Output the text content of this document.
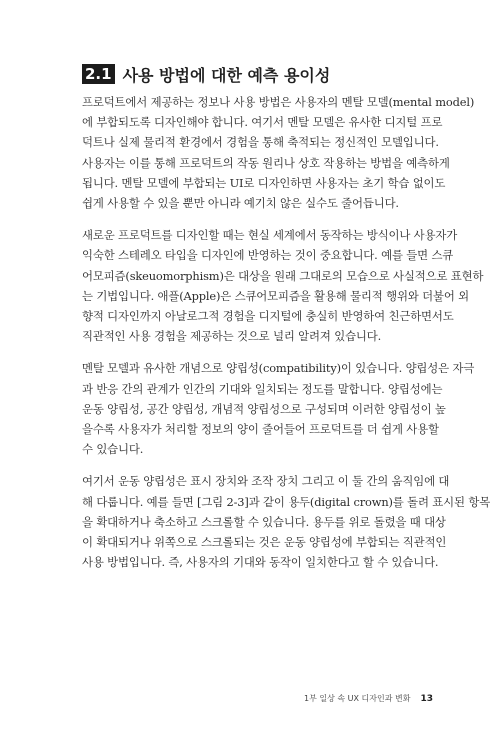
2.1 사용 방법에 대한 예측 용이성
프로덕트에서 제공하는 정보나 사용 방법은 사용자의 멘탈 모델(mental model)
에 부합되도록 디자인해야 합니다. 여기서 멘탈 모델은 유사한 디지털 프로
덕트나 실제 물리적 환경에서 경험을 통해 축적되는 정신적인 모델입니다.
사용자는 이를 통해 프로덕트의 작동 원리나 상호 작용하는 방법을 예측하게
됩니다. 멘탈 모델에 부합되는 UI로 디자인하면 사용자는 초기 학습 없이도
쉽게 사용할 수 있을 뿐만 아니라 예기치 않은 실수도 줄어듭니다.
새로운 프로덕트를 디자인할 때는 현실 세계에서 동작하는 방식이나 사용자가
익숙한 스테레오 타입을 디자인에 반영하는 것이 중요합니다. 예를 들면 스큐
어모피즘(skeuomorphism)은 대상을 원래 그대로의 모습으로 사실적으로 표현하
는 기법입니다. 애플(Apple)은 스큐어모피즘을 활용해 물리적 행위와 더불어 외
향적 디자인까지 아날로그적 경험을 디지털에 충실히 반영하여 친근하면서도
직관적인 사용 경험을 제공하는 것으로 널리 알려져 있습니다.
멘탈 모델과 유사한 개념으로 양립성(compatibility)이 있습니다. 양립성은 자극
과 반응 간의 관계가 인간의 기대와 일치되는 정도를 말합니다. 양립성에는
운동 양립성, 공간 양립성, 개념적 양립성으로 구성되며 이러한 양립성이 높
을수록 사용자가 처리할 정보의 양이 줄어들어 프로덕트를 더 쉽게 사용할
수 있습니다.
여기서 운동 양립성은 표시 장치와 조작 장치 그리고 이 둘 간의 움직임에 대
해 다룹니다. 예를 들면 [그림 2-3]과 같이 용두(digital crown)를 돌려 표시된 항목
을 확대하거나 축소하고 스크롤할 수 있습니다. 용두를 위로 돌렸을 때 대상
이 확대되거나 위쪽으로 스크롤되는 것은 운동 양립성에 부합되는 직관적인
사용 방법입니다. 즉, 사용자의 기대와 동작이 일치한다고 할 수 있습니다.
1부 일상 속 UX 디자인과 변화 13
